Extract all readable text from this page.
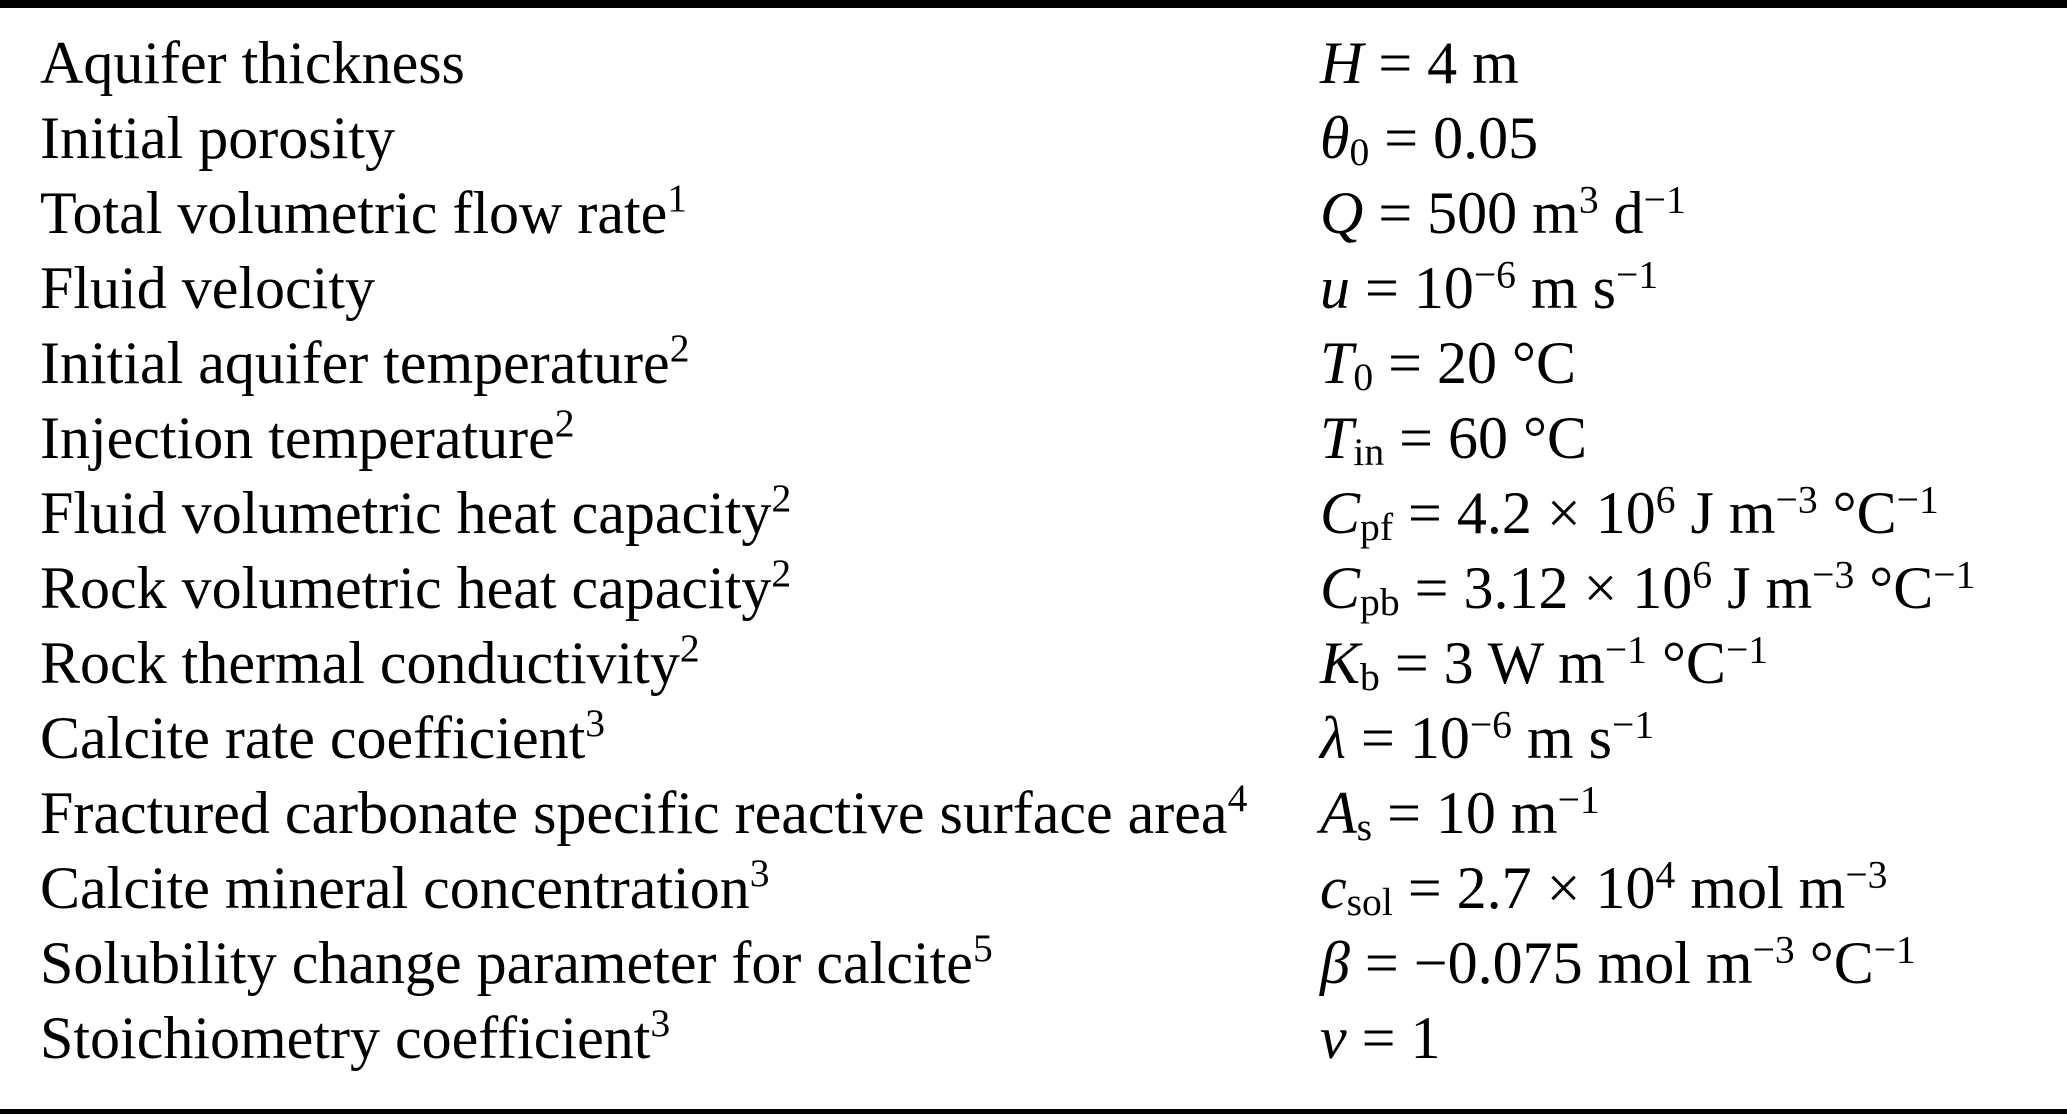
Aquifer thickness	H = 4 m
Initial porosity	θ0 = 0.05
Total volumetric flow rate$^1$	Q = 500 $m^3$ $d^{-1}$
Fluid velocity	$u = 10^{-6}$ m $s^{-1}$
Initial aquifer temperature$^2$	T0 = 20 °C
Injection temperature$^2$	Tin = 60 °C
Fluid volumetric heat capacity$^2$	Cpf = $4.2 \times 10^6$ J $m^{-3}$ $^\circ C^{-1}$
Rock volumetric heat capacity$^2$	Cpb = $3.12 \times 10^6$ J $m^{-3}$ $^\circ C^{-1}$
Rock thermal conductivity$^2$	Kb = 3 W $m^{-1}$ $^\circ C^{-1}$
Calcite rate coefficient$^3$	$\lambda = 10^{-6}$ m $s^{-1}$
Fractured carbonate specific reactive surface area$^4$	As = 10 $m^{-1}$
Calcite mineral concentration$^3$	csol = $2.7 \times 10^4$ mol $m^{-3}$
Solubility change parameter for calcite$^5$	β = −0.075 mol $m^{-3}$ $^\circ C^{-1}$
Stoichiometry coefficient$^3$	ν = 1
